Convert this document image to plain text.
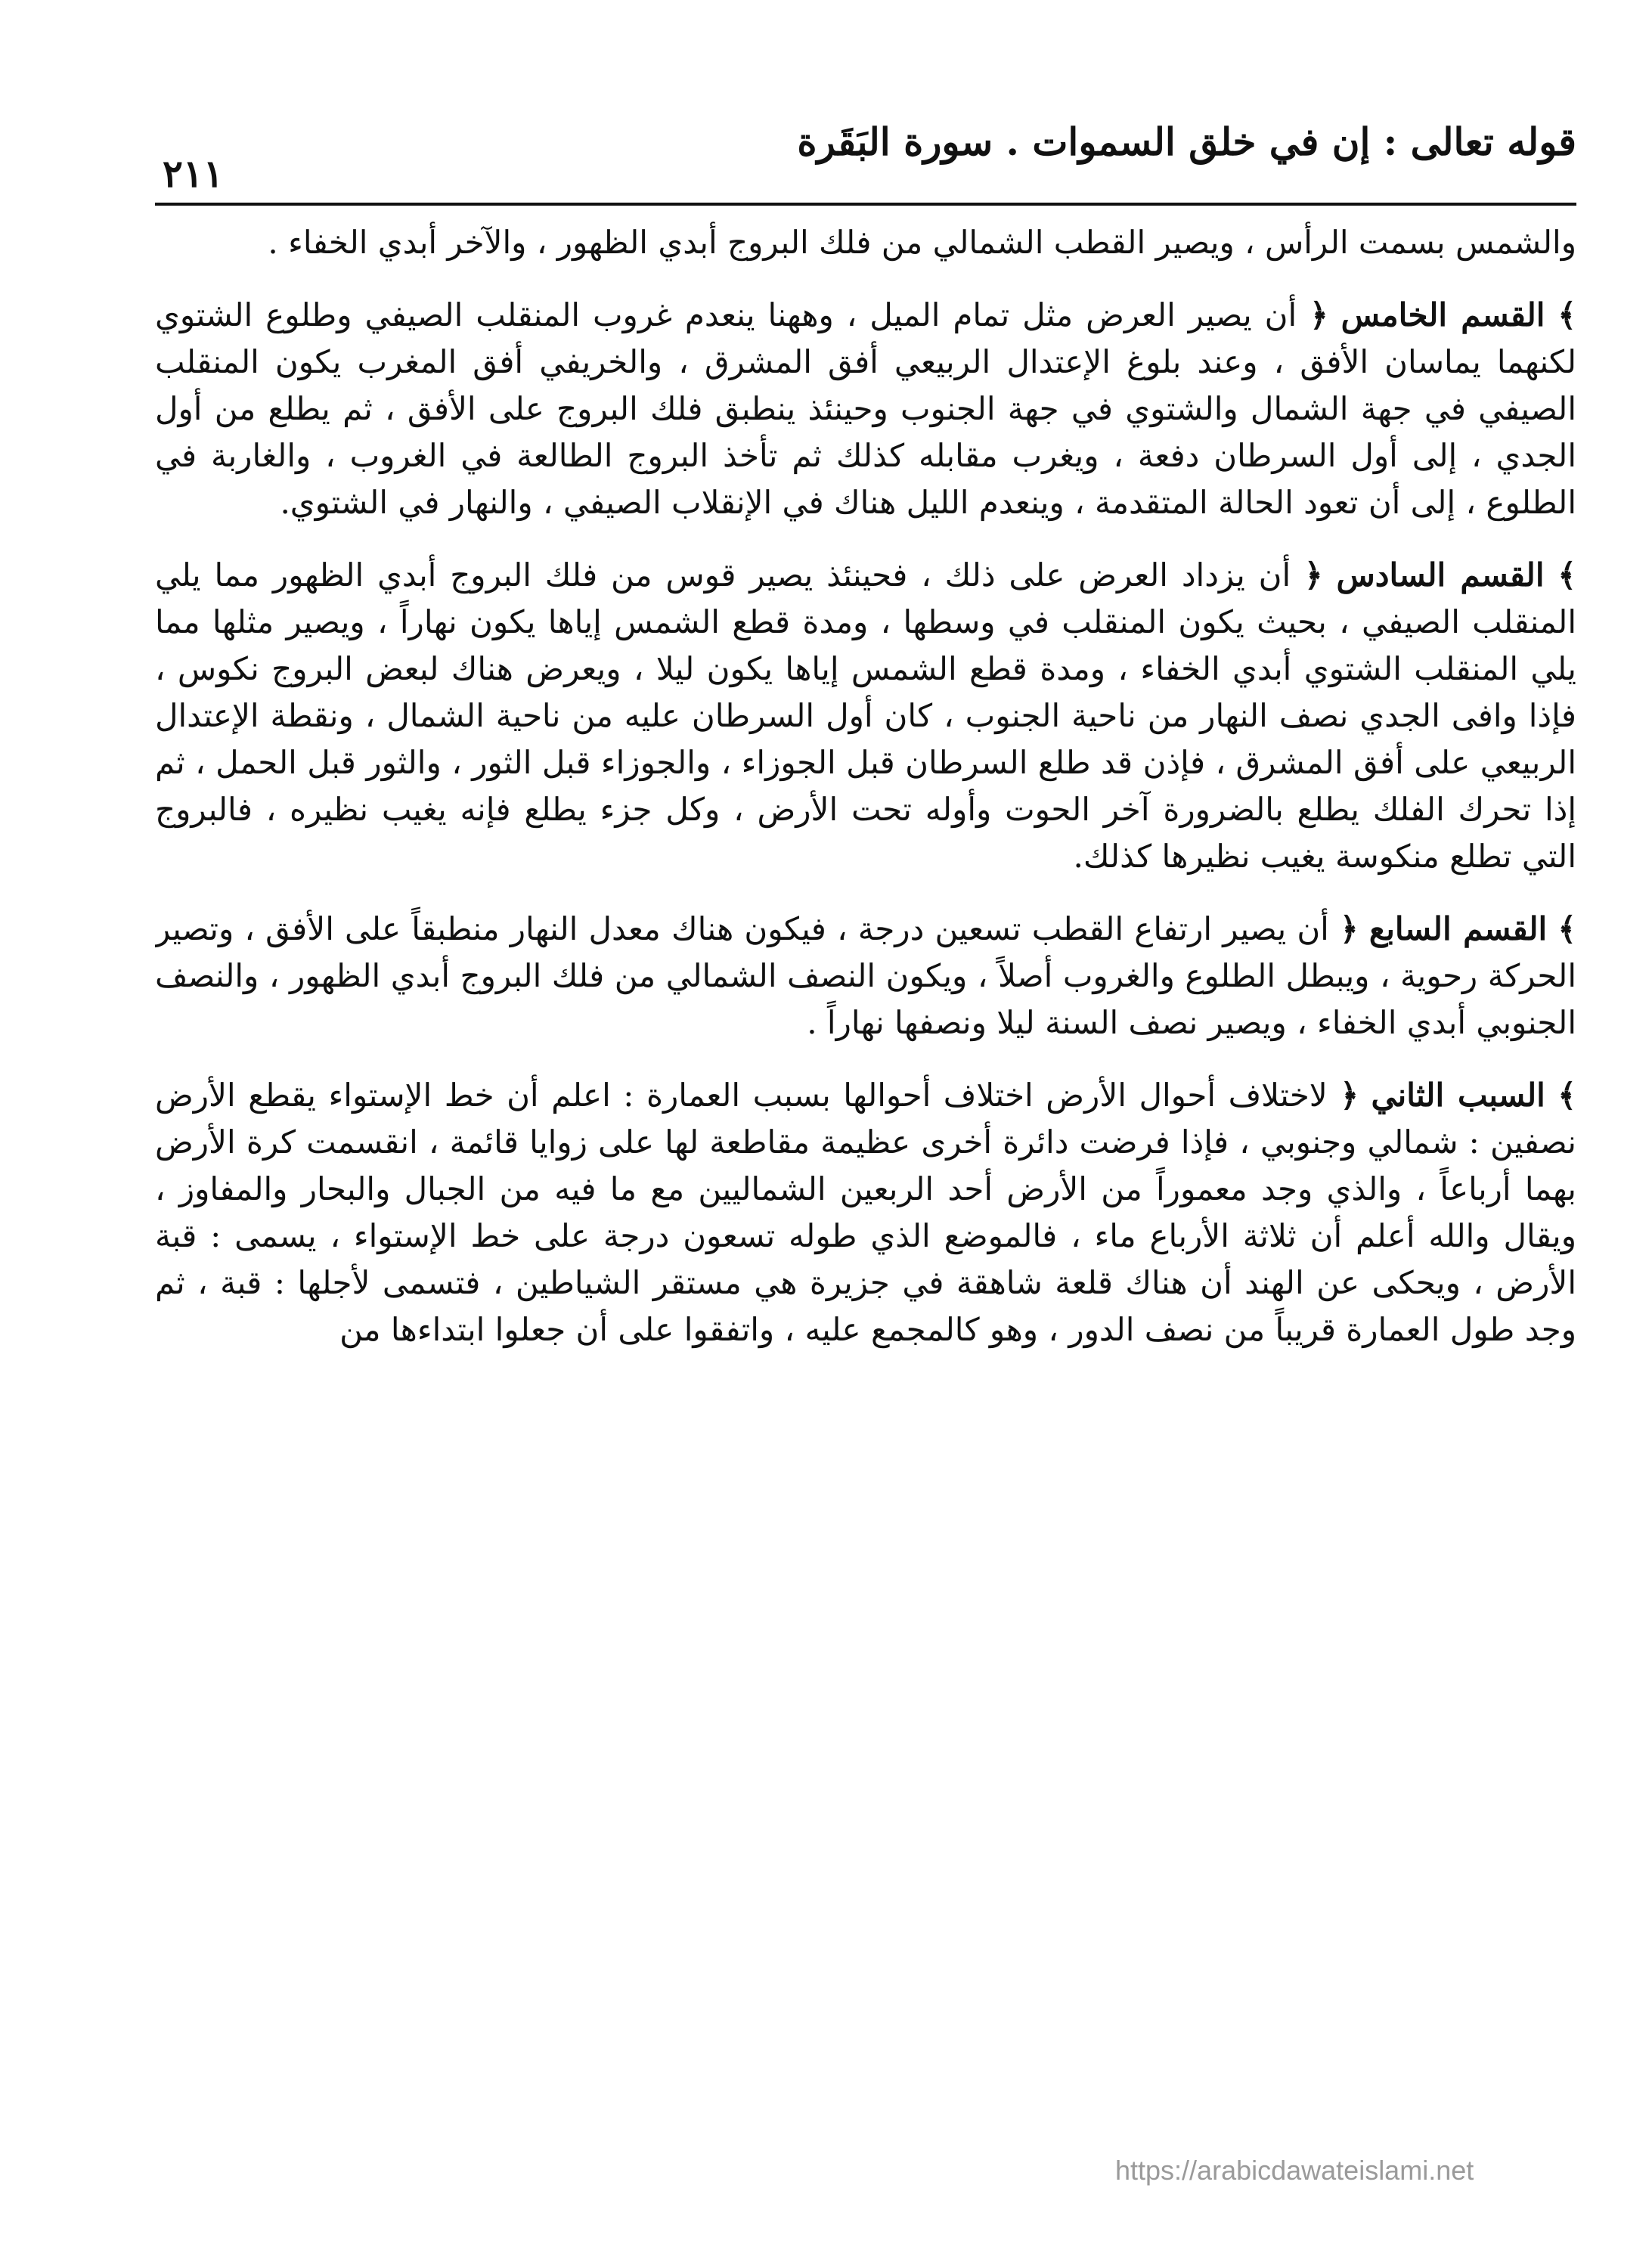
قوله تعالى : إن في خلق السموات . سورة البَقَرة
٢١١

والشمس بسمت الرأس ، ويصير القطب الشمالي من فلك البروج أبدي الظهور ، والآخر أبدي الخفاء .

﴾ القسم الخامس ﴿ أن يصير العرض مثل تمام الميل ، وههنا ينعدم غروب المنقلب الصيفي وطلوع الشتوي لكنهما يماسان الأفق ، وعند بلوغ الإعتدال الربيعي أفق المشرق ، والخريفي أفق المغرب يكون المنقلب الصيفي في جهة الشمال والشتوي في جهة الجنوب وحينئذ ينطبق فلك البروج على الأفق ، ثم يطلع من أول الجدي ، إلى أول السرطان دفعة ، ويغرب مقابله كذلك ثم تأخذ البروج الطالعة في الغروب ، والغاربة في الطلوع ، إلى أن تعود الحالة المتقدمة ، وينعدم الليل هناك في الإنقلاب الصيفي ، والنهار في الشتوي.

﴾ القسم السادس ﴿ أن يزداد العرض على ذلك ، فحينئذ يصير قوس من فلك البروج أبدي الظهور مما يلي المنقلب الصيفي ، بحيث يكون المنقلب في وسطها ، ومدة قطع الشمس إياها يكون نهاراً ، ويصير مثلها مما يلي المنقلب الشتوي أبدي الخفاء ، ومدة قطع الشمس إياها يكون ليلا ، ويعرض هناك لبعض البروج نكوس ، فإذا وافى الجدي نصف النهار من ناحية الجنوب ، كان أول السرطان عليه من ناحية الشمال ، ونقطة الإعتدال الربيعي على أفق المشرق ، فإذن قد طلع السرطان قبل الجوزاء ، والجوزاء قبل الثور ، والثور قبل الحمل ، ثم إذا تحرك الفلك يطلع بالضرورة آخر الحوت وأوله تحت الأرض ، وكل جزء يطلع فإنه يغيب نظيره ، فالبروج التي تطلع منكوسة يغيب نظيرها كذلك.

﴾ القسم السابع ﴿ أن يصير ارتفاع القطب تسعين درجة ، فيكون هناك معدل النهار منطبقاً على الأفق ، وتصير الحركة رحوية ، ويبطل الطلوع والغروب أصلاً ، ويكون النصف الشمالي من فلك البروج أبدي الظهور ، والنصف الجنوبي أبدي الخفاء ، ويصير نصف السنة ليلا ونصفها نهاراً .

﴾ السبب الثاني ﴿ لاختلاف أحوال الأرض اختلاف أحوالها بسبب العمارة : اعلم أن خط الإستواء يقطع الأرض نصفين : شمالي وجنوبي ، فإذا فرضت دائرة أخرى عظيمة مقاطعة لها على زوايا قائمة ، انقسمت كرة الأرض بهما أرباعاً ، والذي وجد معموراً من الأرض أحد الربعين الشماليين مع ما فيه من الجبال والبحار والمفاوز ، ويقال والله أعلم أن ثلاثة الأرباع ماء ، فالموضع الذي طوله تسعون درجة على خط الإستواء ، يسمى : قبة الأرض ، ويحكى عن الهند أن هناك قلعة شاهقة في جزيرة هي مستقر الشياطين ، فتسمى لأجلها : قبة ، ثم وجد طول العمارة قريباً من نصف الدور ، وهو كالمجمع عليه ، واتفقوا على أن جعلوا ابتداءها من

https://arabicdawateislami.net
